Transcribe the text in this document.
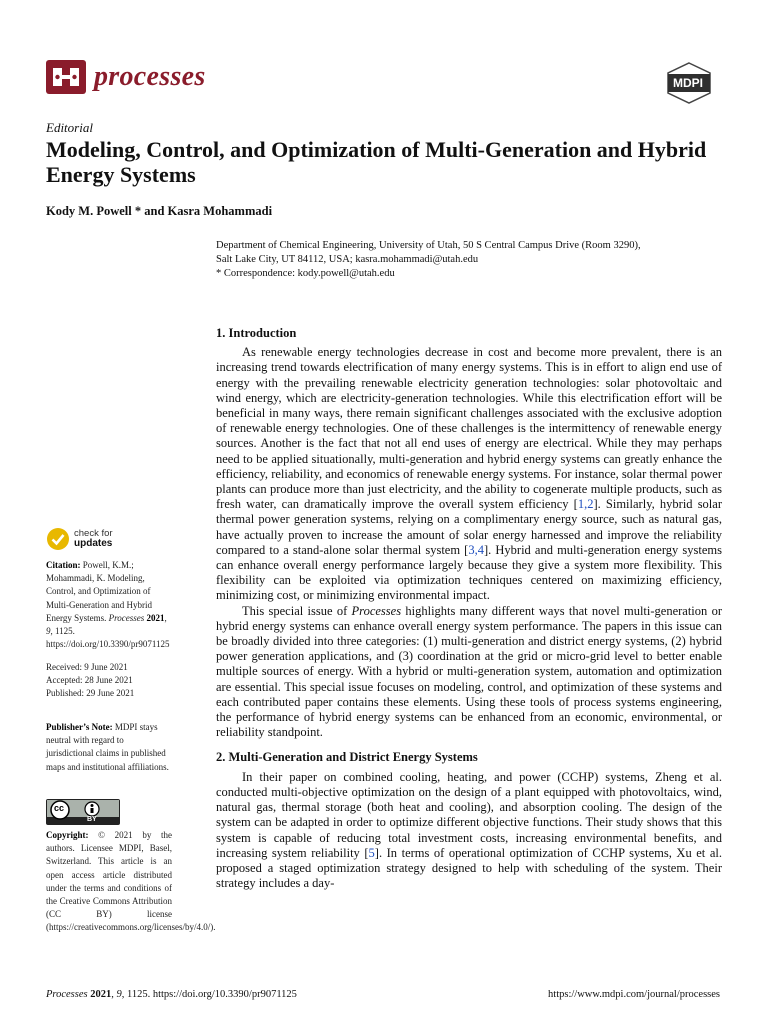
processes	MDPI
Editorial
Modeling, Control, and Optimization of Multi-Generation and Hybrid Energy Systems
Kody M. Powell * and Kasra Mohammadi
Department of Chemical Engineering, University of Utah, 50 S Central Campus Drive (Room 3290),
Salt Lake City, UT 84112, USA; kasra.mohammadi@utah.edu
* Correspondence: kody.powell@utah.edu
check for
updates
Citation: Powell, K.M.; Mohammadi, K. Modeling, Control, and Optimization of Multi-Generation and Hybrid Energy Systems. Processes 2021, 9, 1125. https://doi.org/10.3390/pr9071125
Received: 9 June 2021
Accepted: 28 June 2021
Published: 29 June 2021
Publisher’s Note: MDPI stays neutral with regard to jurisdictional claims in published maps and institutional affiliations.
cc
BY
Copyright: © 2021 by the authors. Licensee MDPI, Basel, Switzerland. This article is an open access article distributed under the terms and conditions of the Creative Commons Attribution (CC BY) license (https://creativecommons.org/licenses/by/4.0/).
1. Introduction

As renewable energy technologies decrease in cost and become more prevalent, there is an increasing trend towards electrification of many energy systems. This is in effort to align end use of energy with the prevailing renewable electricity generation technologies: solar photovoltaic and wind energy, which are electricity-generation technologies. While this electrification effort will be beneficial in many ways, there remain significant challenges associated with the exclusive adoption of renewable energy technologies. One of these challenges is the intermittency of renewable energy sources. Another is the fact that not all end uses of energy are electrical. While they may perhaps need to be applied situationally, multi-generation and hybrid energy systems can greatly enhance the efficiency, reliability, and economics of renewable energy systems. For instance, solar thermal power plants can produce more than just electricity, and the ability to cogenerate multiple products, such as fresh water, can dramatically improve the overall system efficiency [1,2]. Similarly, hybrid solar thermal power generation systems, relying on a complimentary energy source, such as natural gas, have actually proven to increase the amount of solar energy harnessed and improve the reliability compared to a stand-alone solar thermal system [3,4]. Hybrid and multi-generation energy systems can enhance overall energy performance largely because they give a system more flexibility. This flexibility can be exploited via optimization techniques centered on maximizing efficiency, minimizing cost, or minimizing environmental impact.

This special issue of Processes highlights many different ways that novel multi-generation or hybrid energy systems can enhance overall energy system performance. The papers in this issue can be broadly divided into three categories: (1) multi-generation and district energy systems, (2) hybrid power generation applications, and (3) coordination at the grid or micro-grid level to better enable multiple sources of energy. With a hybrid or multi-generation system, automation and optimization are essential. This special issue focuses on modeling, control, and optimization of these systems and each contributed paper contains these elements. Using these tools of process systems engineering, the performance of hybrid energy systems can be enhanced from an economic, environmental, or reliability standpoint.

2. Multi-Generation and District Energy Systems

In their paper on combined cooling, heating, and power (CCHP) systems, Zheng et al. conducted multi-objective optimization on the design of a plant equipped with photovoltaics, wind, natural gas, thermal storage (both heat and cooling), and absorption cooling. The design of the system can be adapted in order to optimize different objective functions. Their study shows that this system is capable of reducing total investment costs, increasing environmental benefits, and increasing system reliability [5]. In terms of operational optimization of CCHP systems, Xu et al. proposed a staged optimization strategy designed to help with scheduling of the system. Their strategy includes a day-

Processes 2021, 9, 1125. https://doi.org/10.3390/pr9071125	https://www.mdpi.com/journal/processes
